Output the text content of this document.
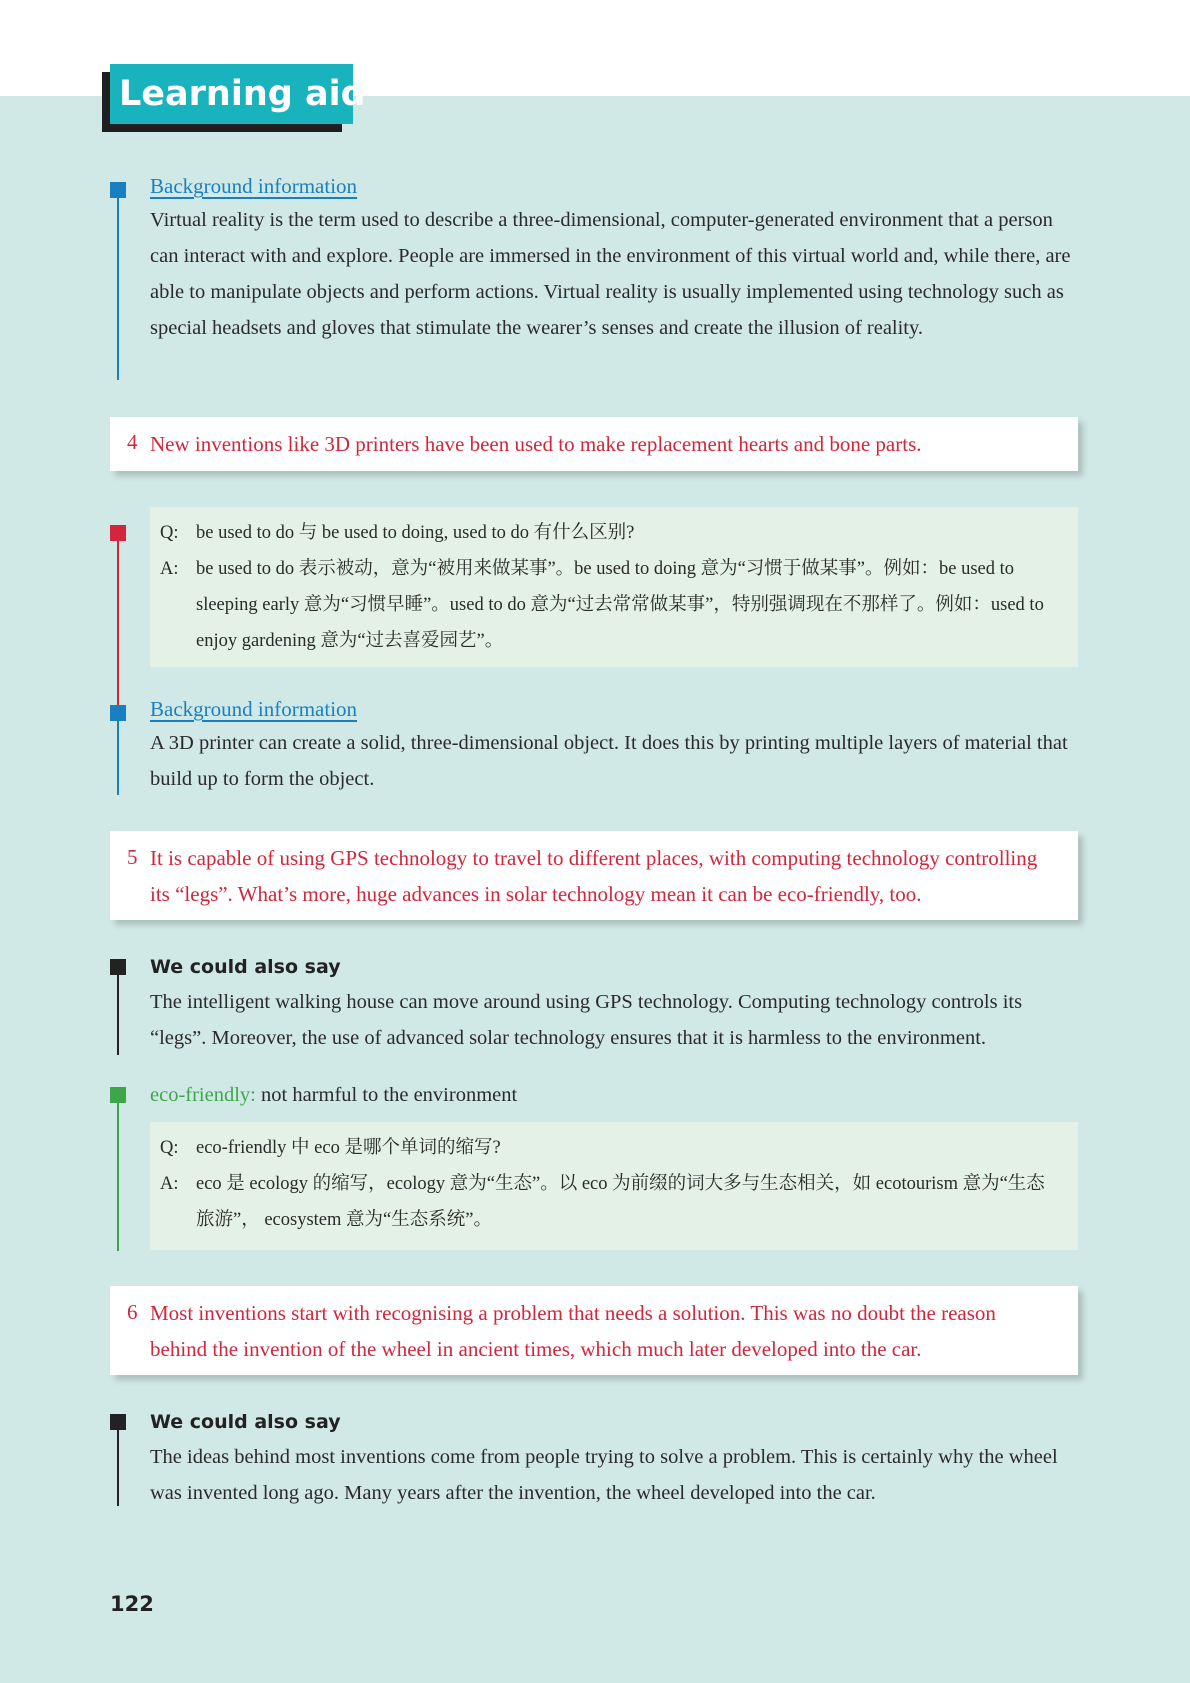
Learning aid
Background information

Virtual reality is the term used to describe a three-dimensional, computer-generated environment that a person can interact with and explore. People are immersed in the environment of this virtual world and, while there, are able to manipulate objects and perform actions. Virtual reality is usually implemented using technology such as special headsets and gloves that stimulate the wearer’s senses and create the illusion of reality.

4 New inventions like 3D printers have been used to make replacement hearts and bone parts.
Q: be used to do 与 be used to doing, used to do 有什么区别?
A: be used to do 表示被动，意为“被用来做某事”。be used to doing 意为“习惯于做某事”。例如：be used to sleeping early 意为“习惯早睡”。used to do 意为“过去常常做某事”，特别强调现在不那样了。例如：used to enjoy gardening 意为“过去喜爱园艺”。
Background information

A 3D printer can create a solid, three-dimensional object. It does this by printing multiple layers of material that build up to form the object.

5 It is capable of using GPS technology to travel to different places, with computing technology controlling its “legs”. What’s more, huge advances in solar technology mean it can be eco-friendly, too.
We could also say

The intelligent walking house can move around using GPS technology. Computing technology controls its “legs”. Moreover, the use of advanced solar technology ensures that it is harmless to the environment.

eco-friendly: not harmful to the environment
Q: eco-friendly 中 eco 是哪个单词的缩写?
A: eco 是 ecology 的缩写，ecology 意为“生态”。以 eco 为前缀的词大多与生态相关，如 ecotourism 意为“生态旅游”， ecosystem 意为“生态系统”。
6 Most inventions start with recognising a problem that needs a solution. This was no doubt the reason behind the invention of the wheel in ancient times, which much later developed into the car.
We could also say

The ideas behind most inventions come from people trying to solve a problem. This is certainly why the wheel was invented long ago. Many years after the invention, the wheel developed into the car.

122
